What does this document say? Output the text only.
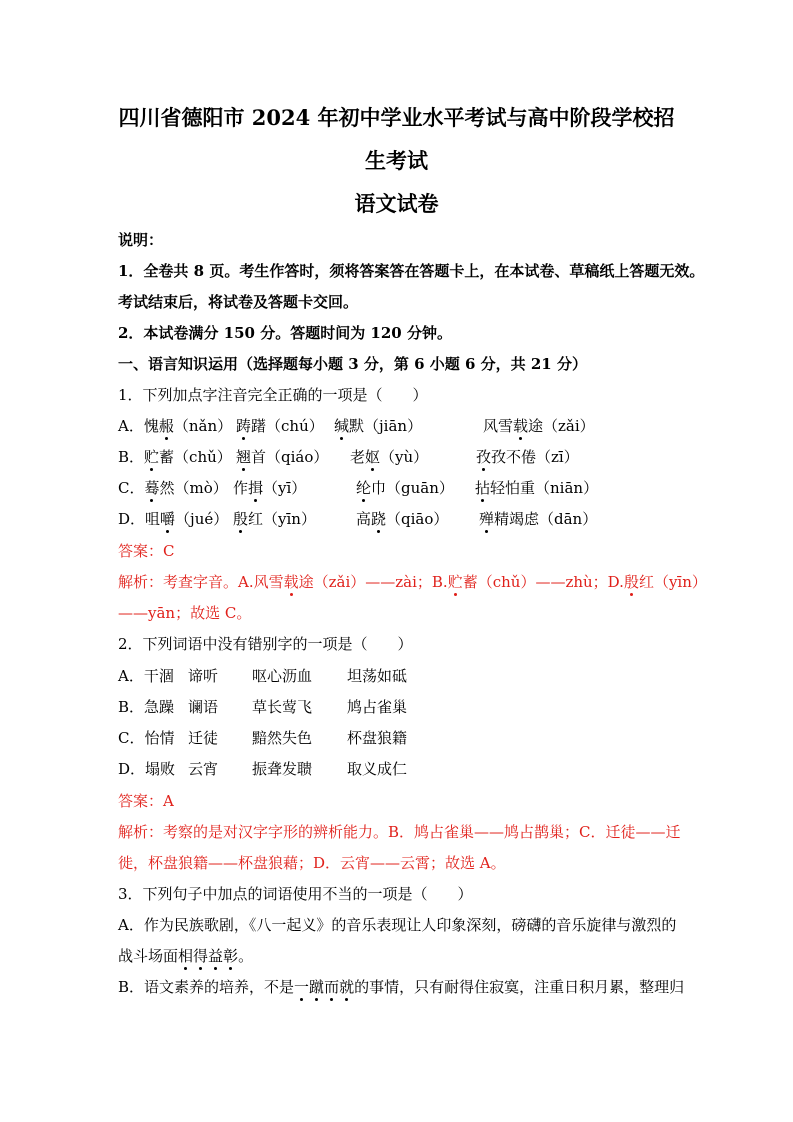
四川省德阳市 2024 年初中学业水平考试与高中阶段学校招
生考试
语文试卷
说明：
1．全卷共 8 页。考生作答时，须将答案答在答题卡上，在本试卷、草稿纸上答题无效。
考试结束后，将试卷及答题卡交回。
2．本试卷满分 150 分。答题时间为 120 分钟。
一、语言知识运用（选择题每小题 3 分，第 6 小题 6 分，共 21 分）
1．下列加点字注音完全正确的一项是（　　）
A．愧赧（nǎn） 踌躇（chú） 缄默（jiān）	风雪载途（zǎi）
B．贮蓄（chǔ） 翘首（qiáo） 老妪（yù）	孜孜不倦（zī）
C．蓦然（mò） 作揖（yī）	纶巾（guān） 拈轻怕重（niān）
D．咀嚼（jué） 殷红（yīn）	高跷（qiāo） 殚精竭虑（dān）
答案：C
解析：考查字音。A.风雪载途（zǎi）——zài；B.贮蓄（chǔ）——zhù；D.殷红（yīn）
——yān；故选 C。
2．下列词语中没有错别字的一项是（　　）
A．干涸 谛听 呕心沥血 坦荡如砥
B．急躁 谰语 草长莺飞 鸠占雀巢
C．怡情 迁徒 黯然失色 杯盘狼籍
D．塌败 云宵 振聋发聩 取义成仁
答案：A
解析：考察的是对汉字字形的辨析能力。B．鸠占雀巢——鸠占鹊巢；C．迁徒——迁
徙，杯盘狼籍——杯盘狼藉；D．云宵——云霄；故选 A。
3．下列句子中加点的词语使用不当的一项是（　　）
A．作为民族歌剧，《八一起义》的音乐表现让人印象深刻，磅礴的音乐旋律与激烈的
战斗场面相得益彰。
B．语文素养的培养，不是一蹴而就的事情，只有耐得住寂寞，注重日积月累，整理归
